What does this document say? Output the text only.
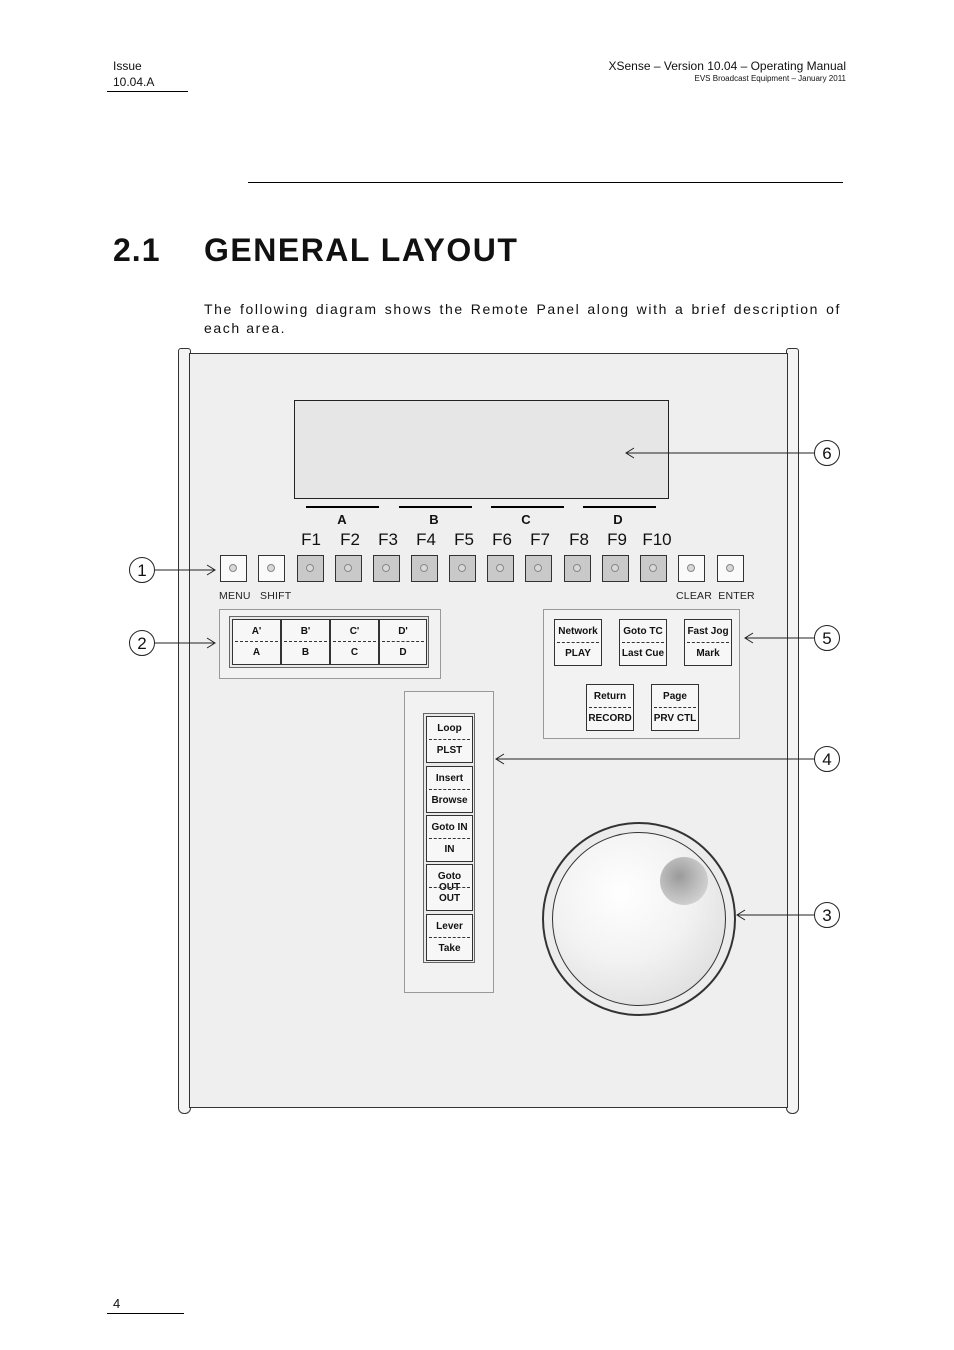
Issue
10.04.A
XSense – Version 10.04 – Operating Manual
EVS Broadcast Equipment – January 2011
2.1 GENERAL LAYOUT
The following diagram shows the Remote Panel along with a brief description of each area.
A	B	C	D
F1	F2	F3	F4	F5	F6	F7	F8	F9 F10
MENU SHIFT	CLEAR  ENTER
A'
A
B'
B
C'
C
D'
D
Network
PLAY
Goto TC
Last Cue
Fast Jog
Mark
Return
RECORD
Page
PRV CTL
Loop
PLST
Insert
Browse
Goto IN
IN
Goto OUT
OUT
Lever
Take
1
2
3
4
5
6
4
